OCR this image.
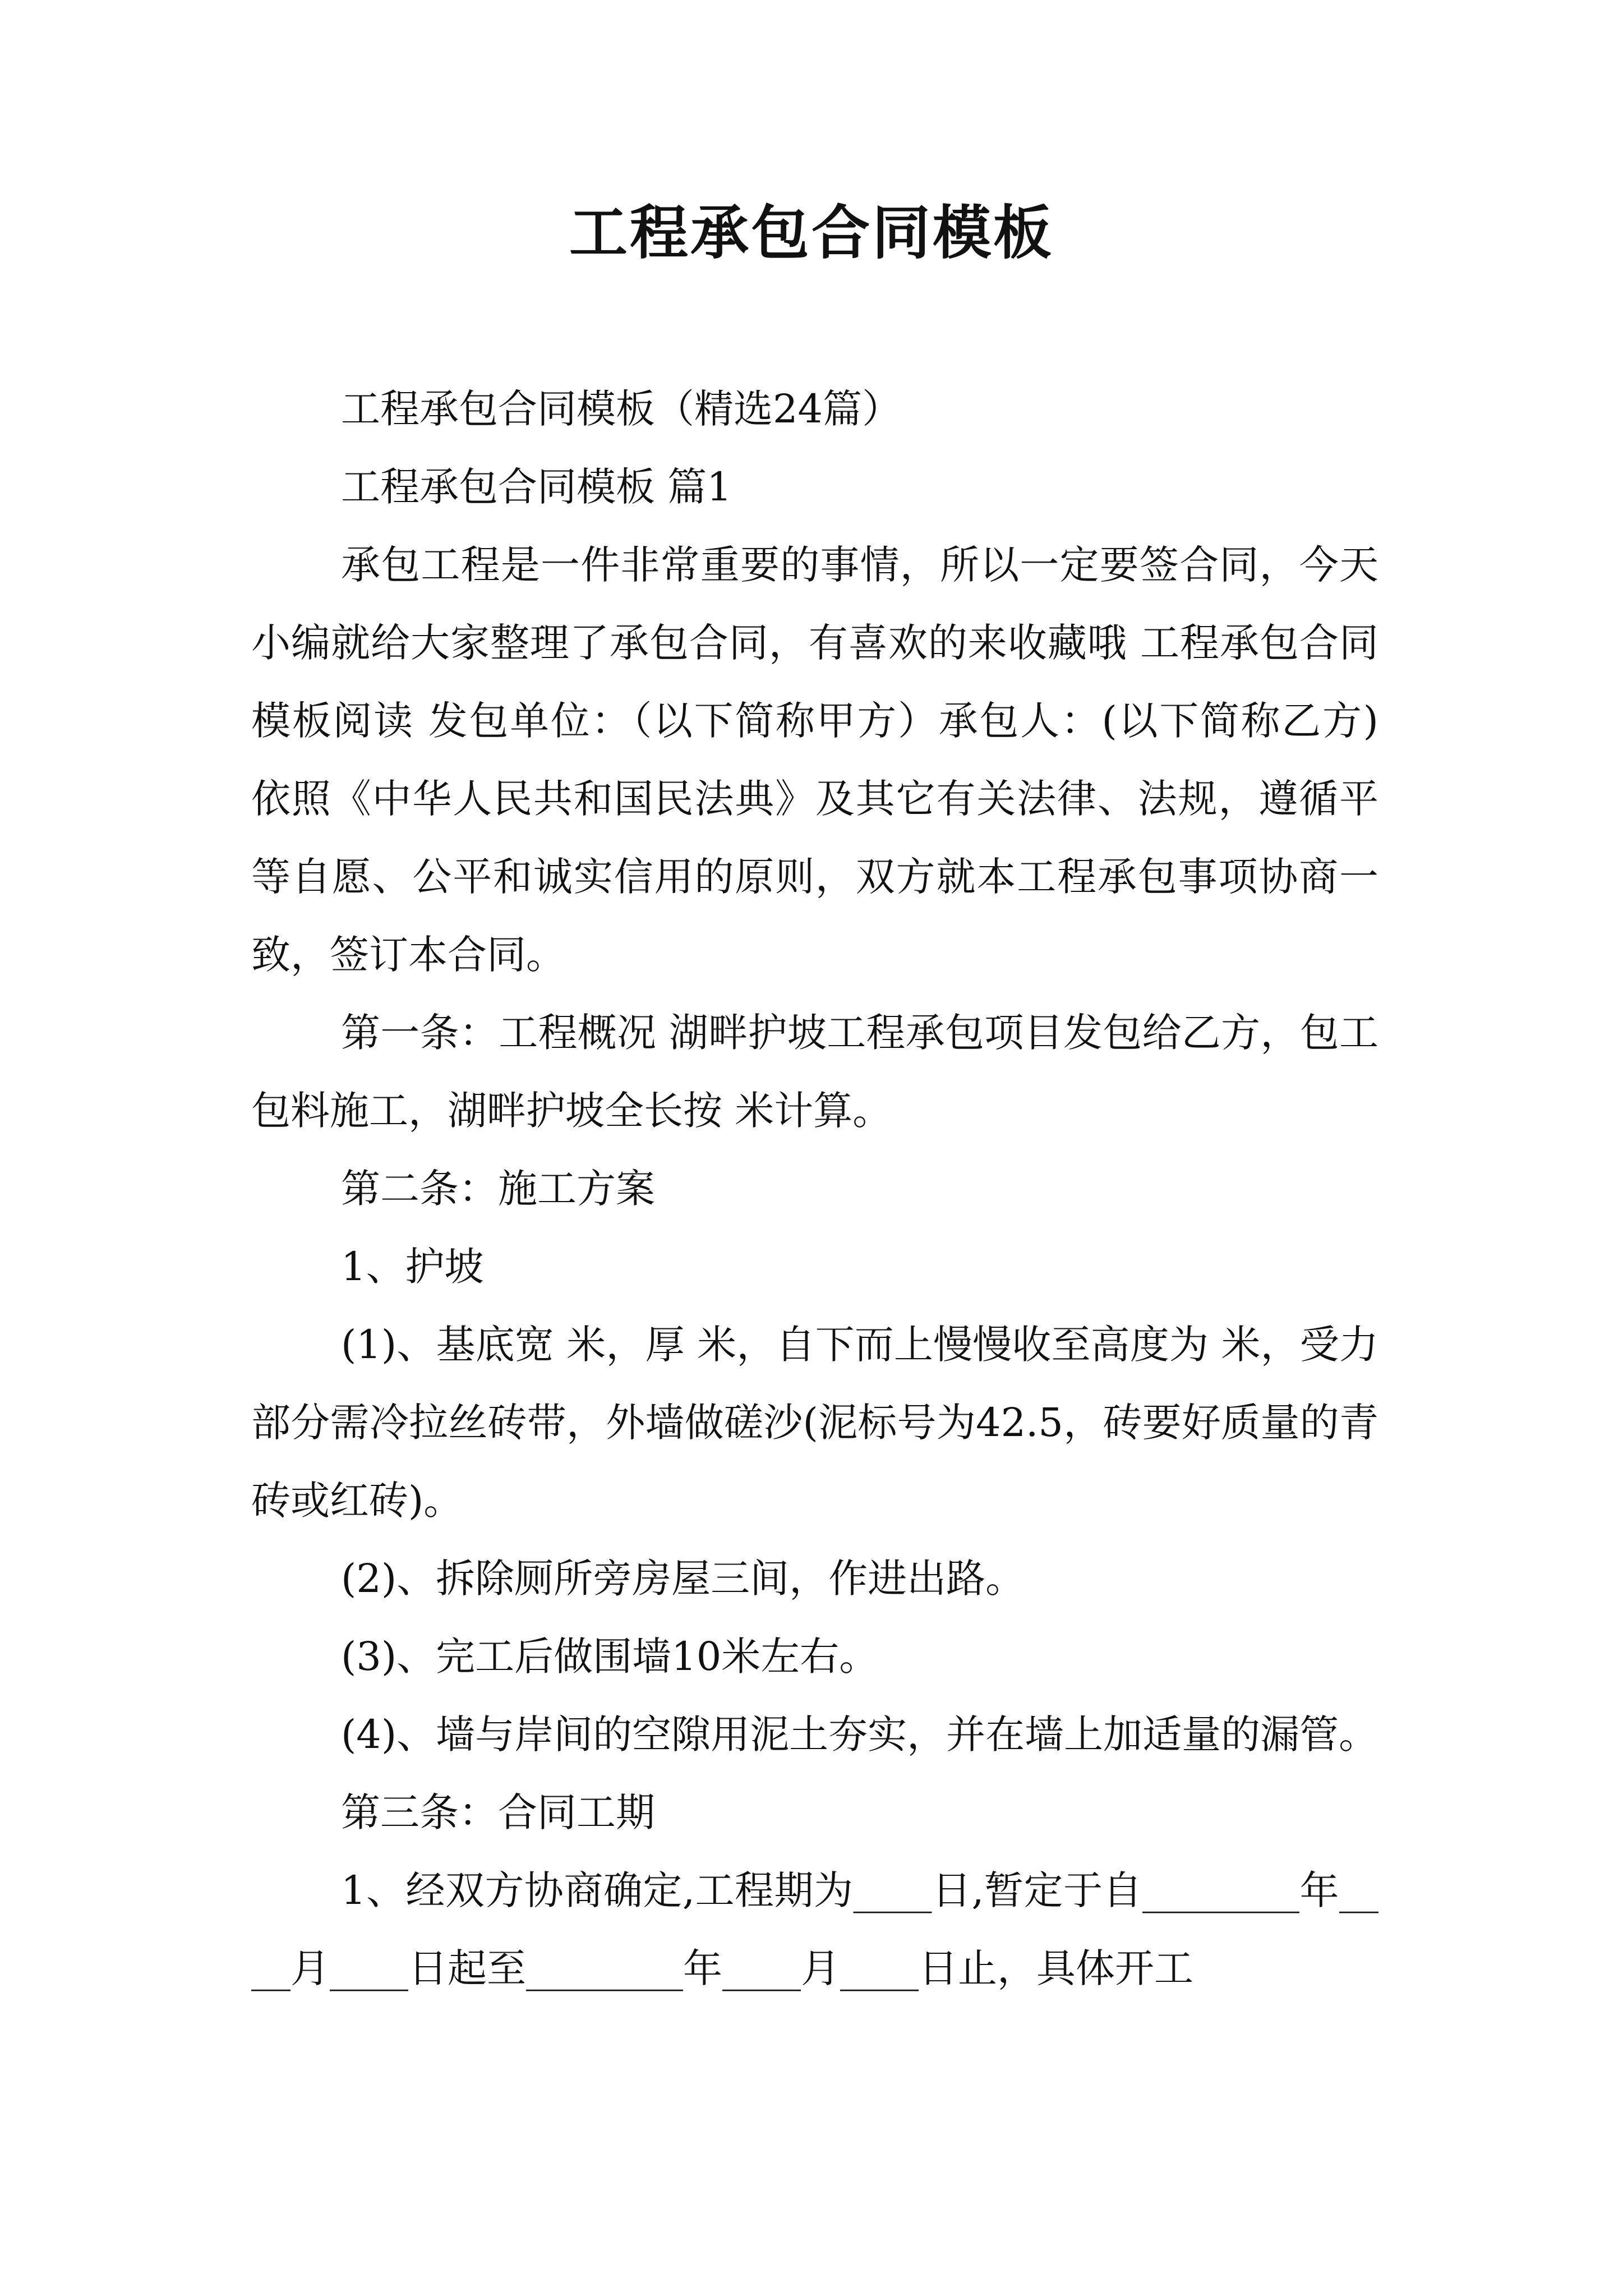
工程承包合同模板

工程承包合同模板（精选24篇）

工程承包合同模板 篇1

承包工程是一件非常重要的事情，所以一定要签合同，今天小编就给大家整理了承包合同，有喜欢的来收藏哦 工程承包合同模板阅读 发包单位：（以下简称甲方）承包人：(以下简称乙方) 依照《中华人民共和国民法典》及其它有关法律、法规，遵循平等自愿、公平和诚实信用的原则，双方就本工程承包事项协商一致，签订本合同。

第一条：工程概况 湖畔护坡工程承包项目发包给乙方，包工包料施工，湖畔护坡全长按 米计算。

第二条：施工方案

1、护坡

(1)、基底宽 米，厚 米，自下而上慢慢收至高度为 米，受力部分需冷拉丝砖带，外墙做磋沙(泥标号为42.5，砖要好质量的青砖或红砖)。

(2)、拆除厕所旁房屋三间，作进出路。

(3)、完工后做围墙10米左右。

(4)、墙与岸间的空隙用泥土夯实，并在墙上加适量的漏管。

第三条：合同工期

1、经双方协商确定,工程期为____日,暂定于自________年____月____日起至________年____月____日止，具体开工
